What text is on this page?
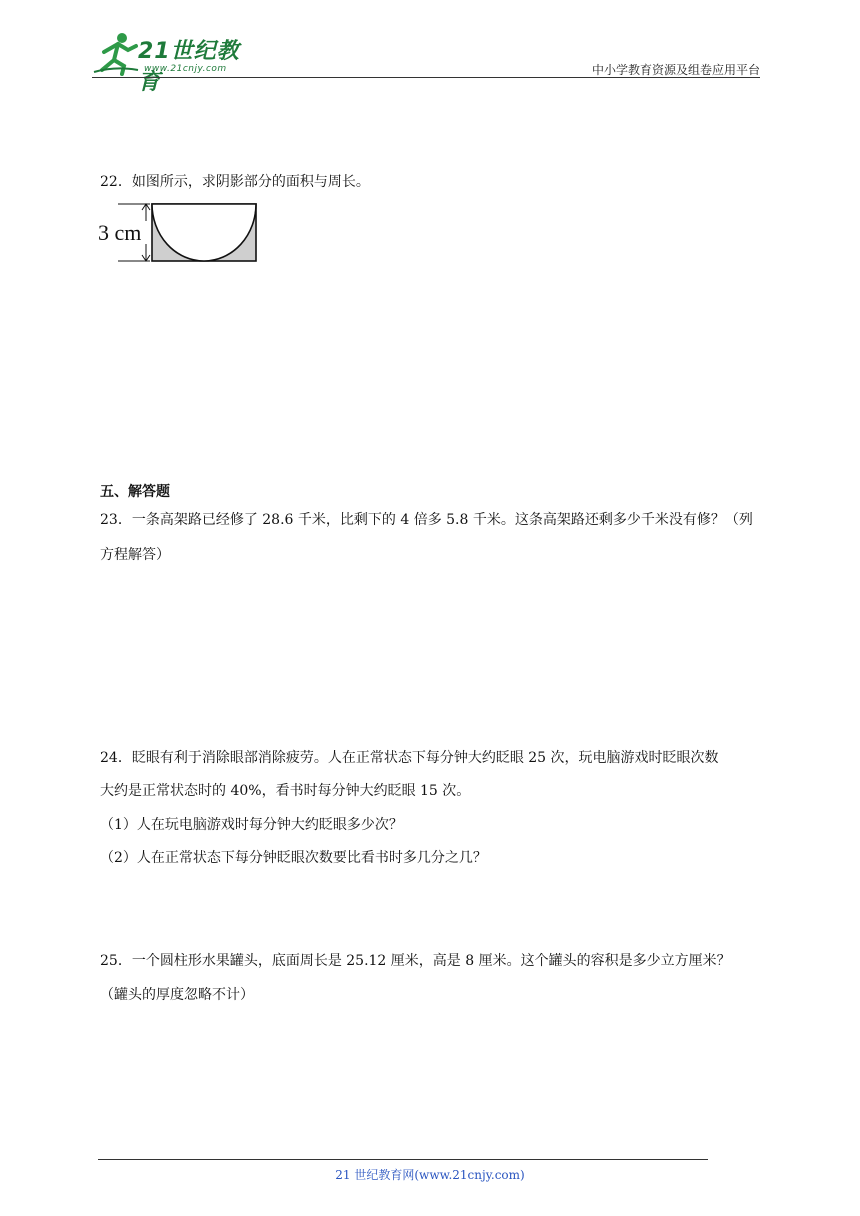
21世纪教育
www.21cnjy.com	中小学教育资源及组卷应用平台
22．如图所示，求阴影部分的面积与周长。
3 cm
五、解答题
23．一条高架路已经修了 28.6 千米，比剩下的 4 倍多 5.8 千米。这条高架路还剩多少千米没有修？（列
方程解答）
24．眨眼有利于消除眼部消除疲劳。人在正常状态下每分钟大约眨眼 25 次，玩电脑游戏时眨眼次数
大约是正常状态时的 40%，看书时每分钟大约眨眼 15 次。
（1）人在玩电脑游戏时每分钟大约眨眼多少次？
（2）人在正常状态下每分钟眨眼次数要比看书时多几分之几？
25．一个圆柱形水果罐头，底面周长是 25.12 厘米，高是 8 厘米。这个罐头的容积是多少立方厘米？
（罐头的厚度忽略不计）
21 世纪教育网(www.21cnjy.com)
